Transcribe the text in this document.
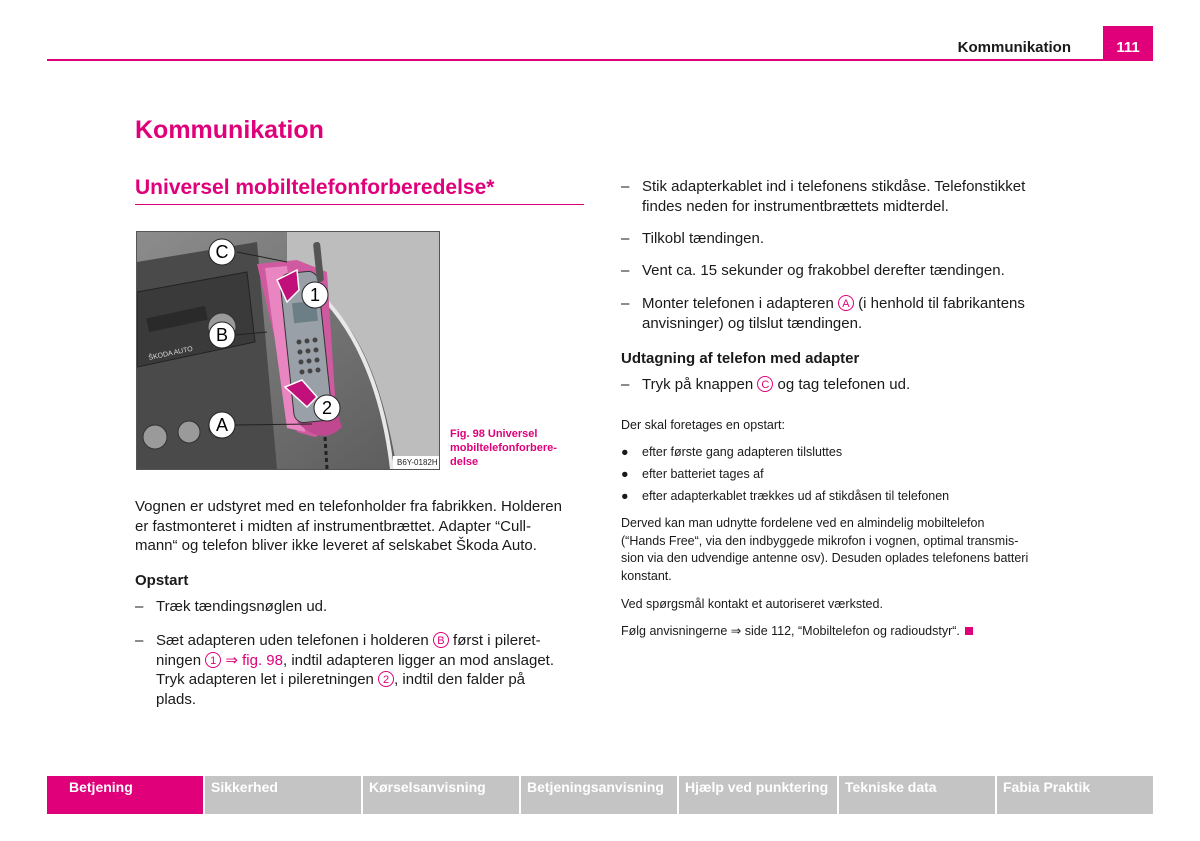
Kommunikation	111
Kommunikation
Universel mobiltelefonforberedelse*
ŠKODA AUTO
C
B
A
1
2
B6Y-0182H
Fig. 98 Universel
mobiltelefonforbere-
delse
Vognen er udstyret med en telefonholder fra fabrikken. Holderen
er fastmonteret i midten af instrumentbrættet. Adapter “Cull-
mann“ og telefon bliver ikke leveret af selskabet Škoda Auto.
Opstart
– Træk tændingsnøglen ud.
– Sæt adapteren uden telefonen i holderen B først i pileret-
ningen 1 ⇒ fig. 98, indtil adapteren ligger an mod anslaget.
Tryk adapteren let i pileretningen 2 , indtil den falder på
plads.
– Stik adapterkablet ind i telefonens stikdåse. Telefonstikket
findes neden for instrumentbrættets midterdel.
– Tilkobl tændingen.
– Vent ca. 15 sekunder og frakobbel derefter tændingen.
– Monter telefonen i adapteren A (i henhold til fabrikantens
anvisninger) og tilslut tændingen.
Udtagning af telefon med adapter
– Tryk på knappen C og tag telefonen ud.
Der skal foretages en opstart:
● efter første gang adapteren tilsluttes
● efter batteriet tages af
● efter adapterkablet trækkes ud af stikdåsen til telefonen
Derved kan man udnytte fordelene ved en almindelig mobiltelefon
(“Hands Free“, via den indbyggede mikrofon i vognen, optimal transmis-
sion via den udvendige antenne osv). Desuden oplades telefonens batteri
konstant.
Ved spørgsmål kontakt et autoriseret værksted.
Følg anvisningerne ⇒ side 112, “Mobiltelefon og radioudstyr“.
Betjening	Sikkerhed	Kørselsanvisning	Betjeningsanvisning	Hjælp ved punktering	Tekniske data	Fabia Praktik
